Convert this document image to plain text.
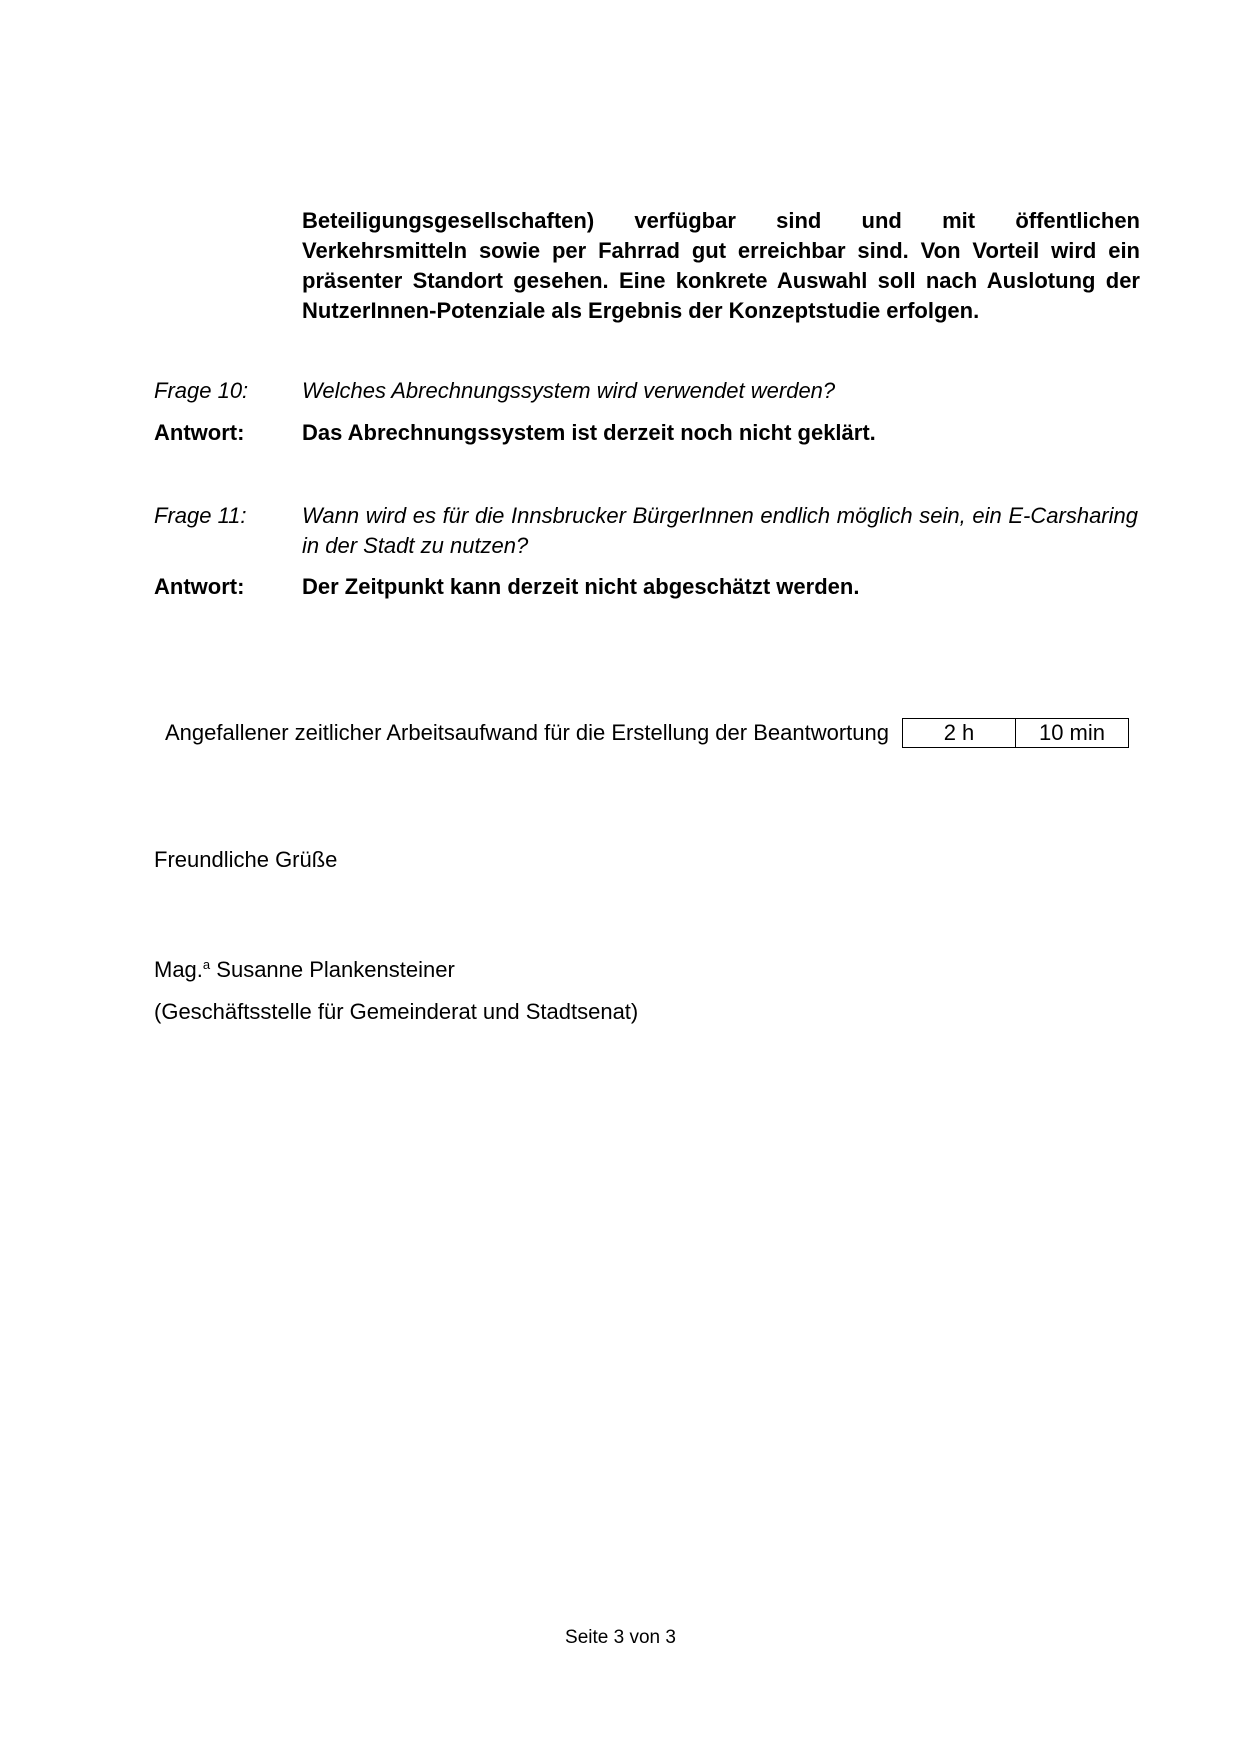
Beteiligungsgesellschaften) verfügbar sind und mit öffentlichen Verkehrsmitteln sowie per Fahrrad gut erreichbar sind. Von Vorteil wird ein präsenter Standort gesehen. Eine konkrete Auswahl soll nach Auslotung der NutzerInnen-Potenziale als Ergebnis der Konzeptstudie erfolgen.

Frage 10: Welches Abrechnungssystem wird verwendet werden?

Antwort:	Das Abrechnungssystem ist derzeit noch nicht geklärt.

Frage 11:	Wann wird es für die Innsbrucker BürgerInnen endlich möglich sein, ein E-Carsharing in der Stadt zu nutzen?

Antwort:	Der Zeitpunkt kann derzeit nicht abgeschätzt werden.

Angefallener zeitlicher Arbeitsaufwand für die Erstellung der Beantwortung	2 h	10 min

Freundliche Grüße

Mag.$^a$ Susanne Plankensteiner

(Geschäftsstelle für Gemeinderat und Stadtsenat)

Seite 3 von 3
